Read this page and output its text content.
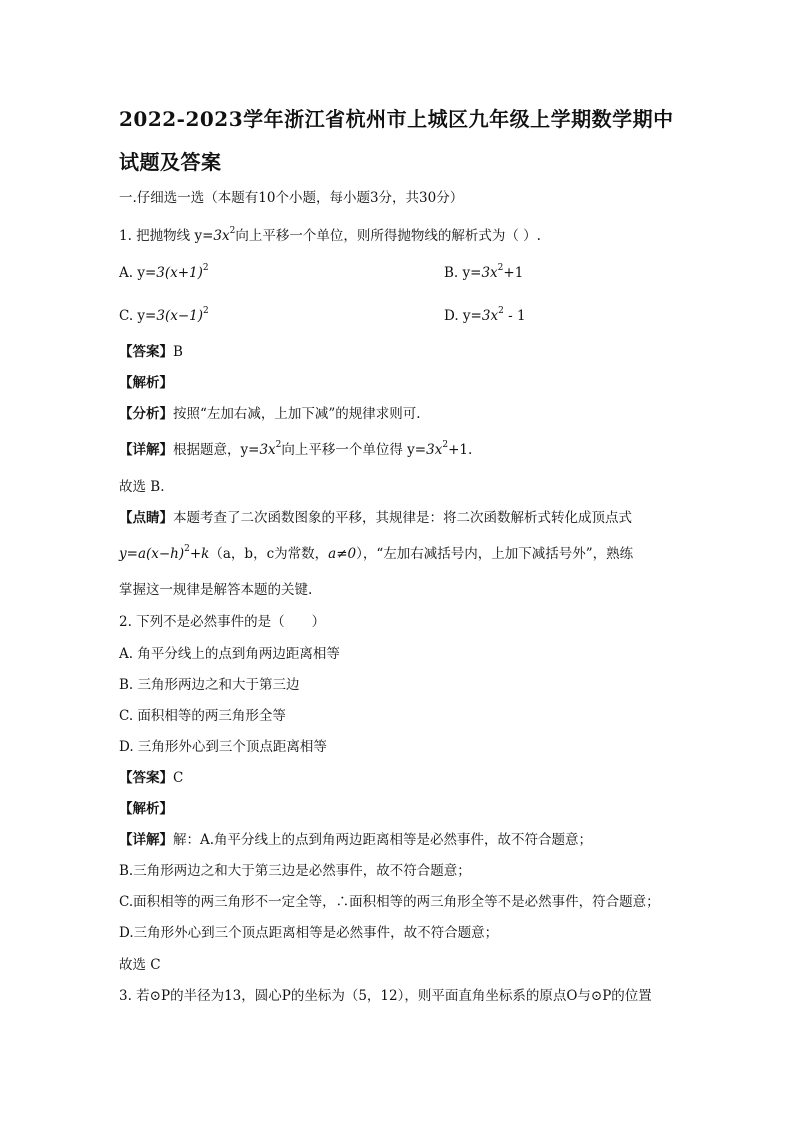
2022-2023学年浙江省杭州市上城区九年级上学期数学期中
试题及答案
一.仔细选一选（本题有10个小题，每小题3分，共30分）
1. 把抛物线 $y=3x^2$向上平移一个单位，则所得抛物线的解析式为（ ）.
A. $y=3(x+1)^2$	B. $y=3x^2+1$
C. $y=3(x-1)^2$	D. $y=3x^2 - 1$
【答案】B
【解析】
【分析】按照“左加右减，上加下减”的规律求则可.
【详解】根据题意，$y=3x^2$向上平移一个单位得 $y=3x^2+1$.
故选 B.
【点睛】本题考查了二次函数图象的平移，其规律是：将二次函数解析式转化成顶点式
$y=a(x-h)^2+k(a$，b，c为常数，a≠0），“左加右减括号内，上加下减括号外”，熟练
掌握这一规律是解答本题的关键.
2. 下列不是必然事件的是（　　）
A. 角平分线上的点到角两边距离相等
B. 三角形两边之和大于第三边
C. 面积相等的两三角形全等
D. 三角形外心到三个顶点距离相等
【答案】C
【解析】
【详解】解：A.角平分线上的点到角两边距离相等是必然事件，故不符合题意；
B.三角形两边之和大于第三边是必然事件，故不符合题意；
C.面积相等的两三角形不一定全等，∴面积相等的两三角形全等不是必然事件，符合题意；
D.三角形外心到三个顶点距离相等是必然事件，故不符合题意；
故选 C
3. 若⊙P的半径为13，圆心P的坐标为（5，12），则平面直角坐标系的原点O与⊙P的位置
